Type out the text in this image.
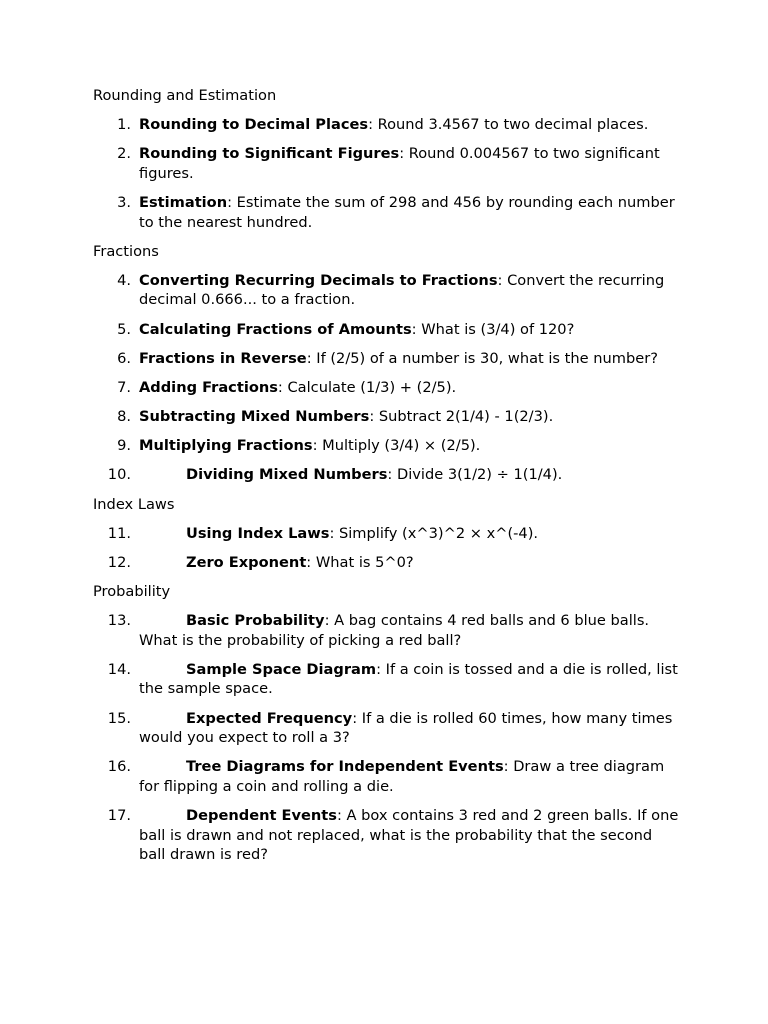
Rounding and Estimation
1. Rounding to Decimal Places: Round 3.4567 to two decimal places.
2. Rounding to Significant Figures: Round 0.004567 to two significant figures.
3. Estimation: Estimate the sum of 298 and 456 by rounding each number to the nearest hundred.
Fractions
4. Converting Recurring Decimals to Fractions: Convert the recurring decimal 0.666... to a fraction.
5. Calculating Fractions of Amounts: What is (3/4) of 120?
6. Fractions in Reverse: If (2/5) of a number is 30, what is the number?
7. Adding Fractions: Calculate (1/3) + (2/5).
8. Subtracting Mixed Numbers: Subtract 2(1/4) - 1(2/3).
9. Multiplying Fractions: Multiply (3/4) × (2/5).
10.	Dividing Mixed Numbers: Divide 3(1/2) ÷ 1(1/4).
Index Laws
11.	Using Index Laws: Simplify (x^3)^2 × x^(-4).
12.	Zero Exponent: What is 5^0?
Probability
13.	Basic Probability: A bag contains 4 red balls and 6 blue balls. What is the probability of picking a red ball?
14.	Sample Space Diagram: If a coin is tossed and a die is rolled, list the sample space.
15.	Expected Frequency: If a die is rolled 60 times, how many times would you expect to roll a 3?
16.	Tree Diagrams for Independent Events: Draw a tree diagram for flipping a coin and rolling a die.
17.	Dependent Events: A box contains 3 red and 2 green balls. If one ball is drawn and not replaced, what is the probability that the second ball drawn is red?
